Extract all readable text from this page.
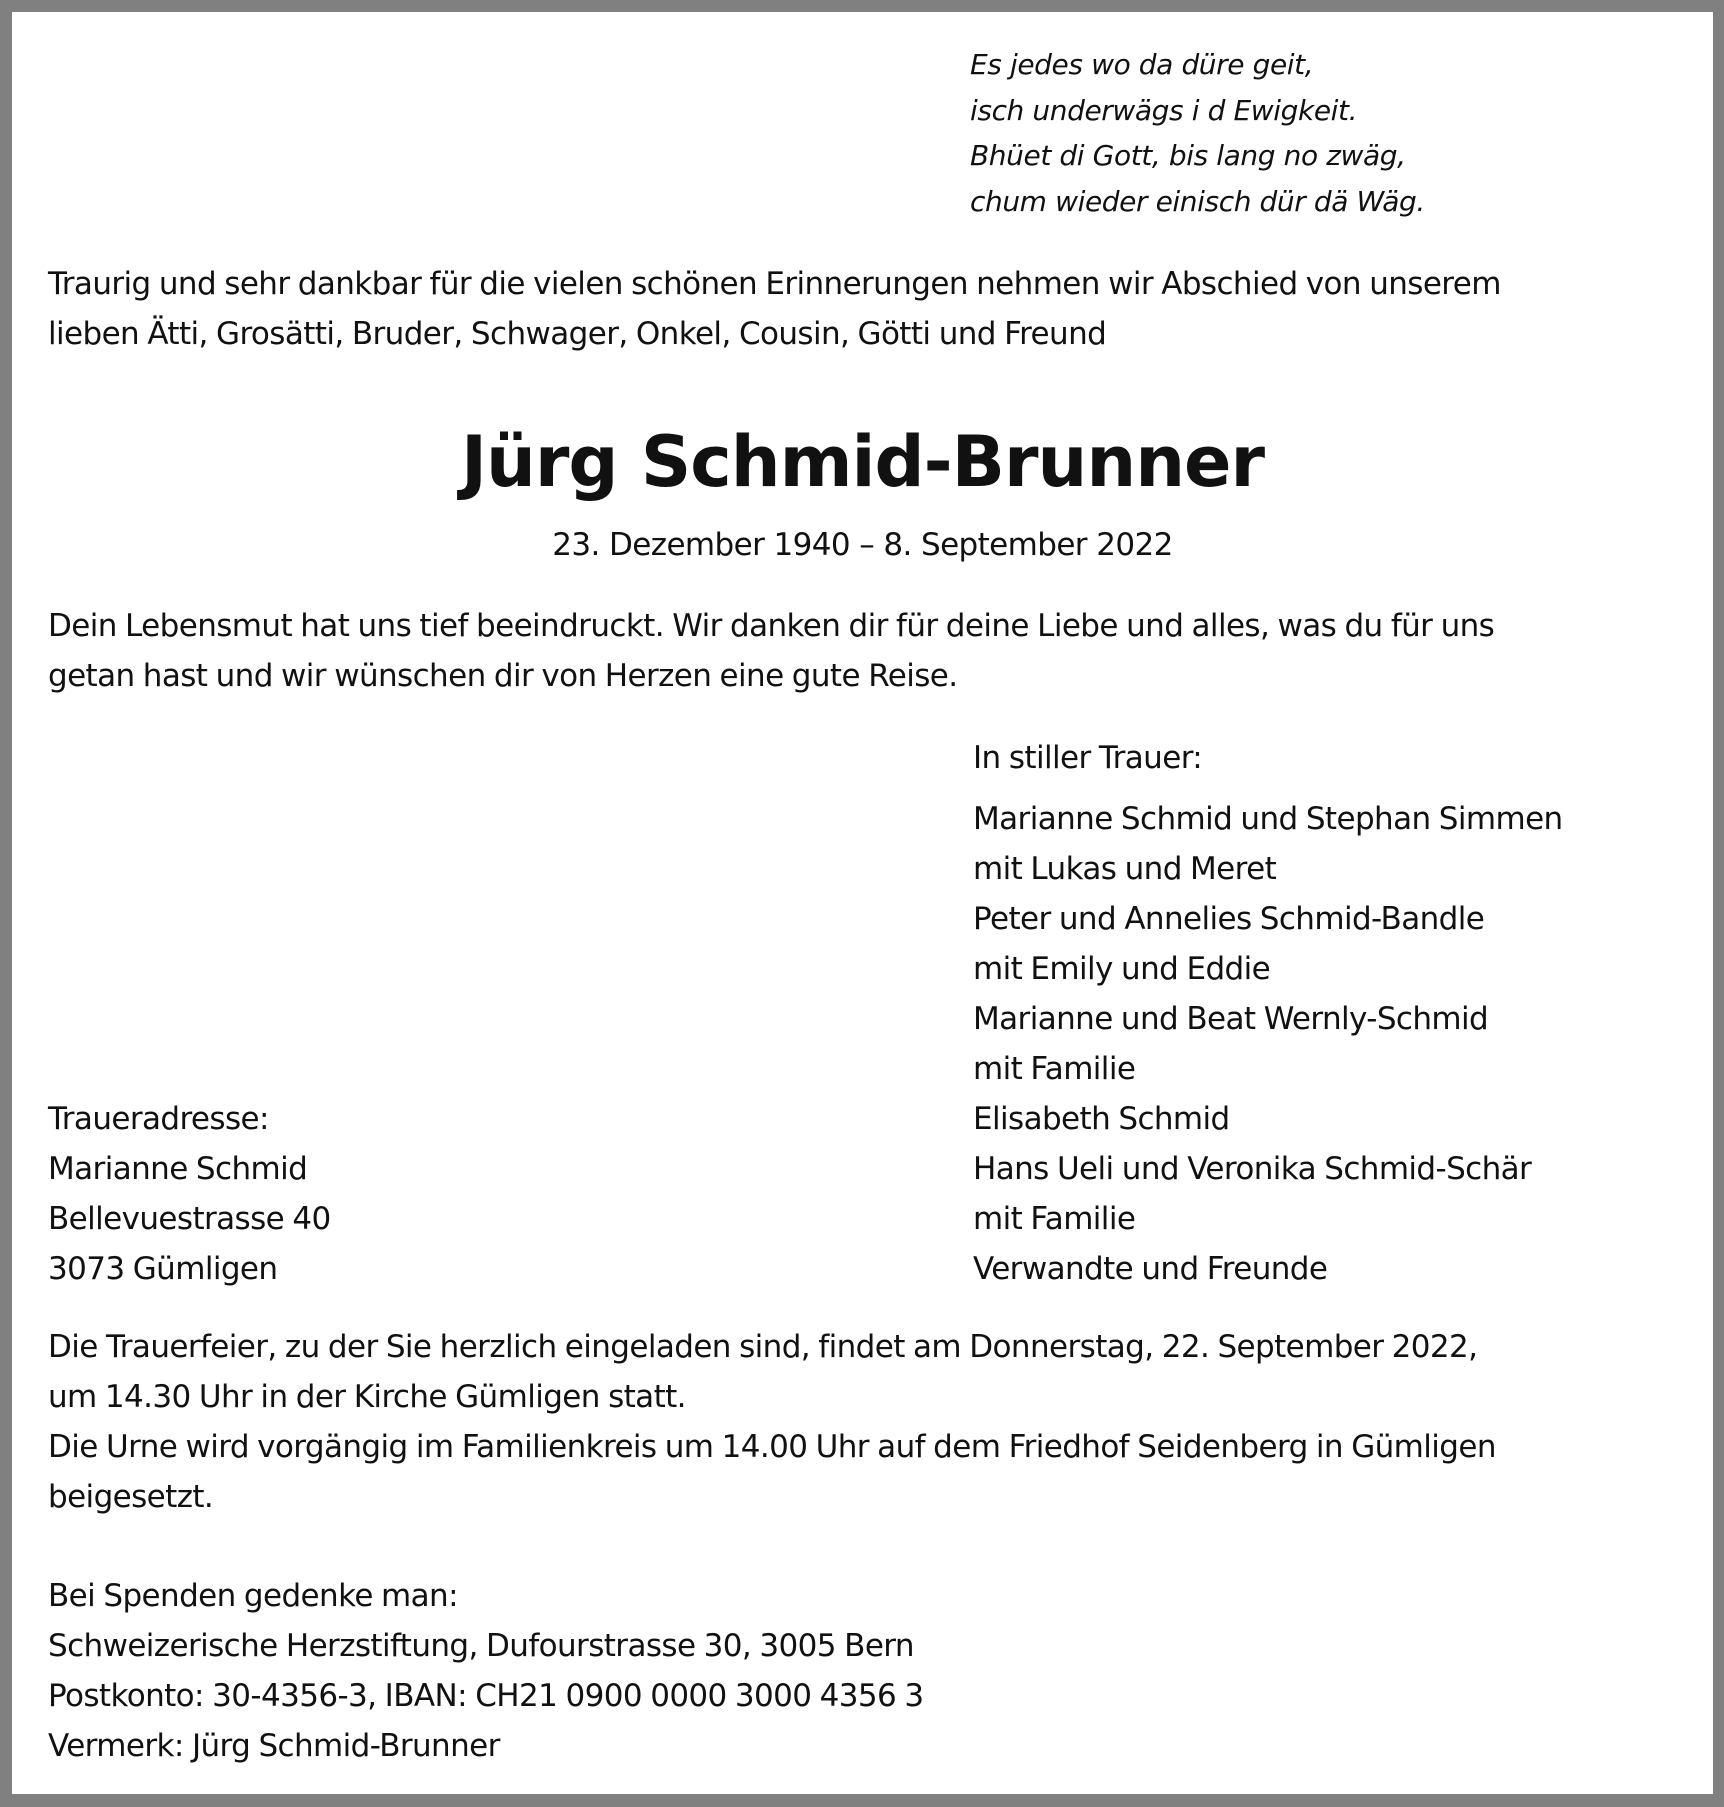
Es jedes wo da düre geit,
isch underwägs i d Ewigkeit.
Bhüet di Gott, bis lang no zwäg,
chum wieder einisch dür dä Wäg.
Traurig und sehr dankbar für die vielen schönen Erinnerungen nehmen wir Abschied von unserem
lieben Ätti, Grosätti, Bruder, Schwager, Onkel, Cousin, Götti und Freund
Jürg Schmid-Brunner
23. Dezember 1940 – 8. September 2022
Dein Lebensmut hat uns tief beeindruckt. Wir danken dir für deine Liebe und alles, was du für uns
getan hast und wir wünschen dir von Herzen eine gute Reise.
In stiller Trauer:
Marianne Schmid und Stephan Simmen
mit Lukas und Meret
Peter und Annelies Schmid-Bandle
mit Emily und Eddie
Marianne und Beat Wernly-Schmid
mit Familie
Elisabeth Schmid
Hans Ueli und Veronika Schmid-Schär
mit Familie
Verwandte und Freunde
Traueradresse:
Marianne Schmid
Bellevuestrasse 40
3073 Gümligen
Die Trauerfeier, zu der Sie herzlich eingeladen sind, findet am Donnerstag, 22. September 2022,
um 14.30 Uhr in der Kirche Gümligen statt.
Die Urne wird vorgängig im Familienkreis um 14.00 Uhr auf dem Friedhof Seidenberg in Gümligen
beigesetzt.
Bei Spenden gedenke man:
Schweizerische Herzstiftung, Dufourstrasse 30, 3005 Bern
Postkonto: 30-4356-3, IBAN: CH21 0900 0000 3000 4356 3
Vermerk: Jürg Schmid-Brunner
